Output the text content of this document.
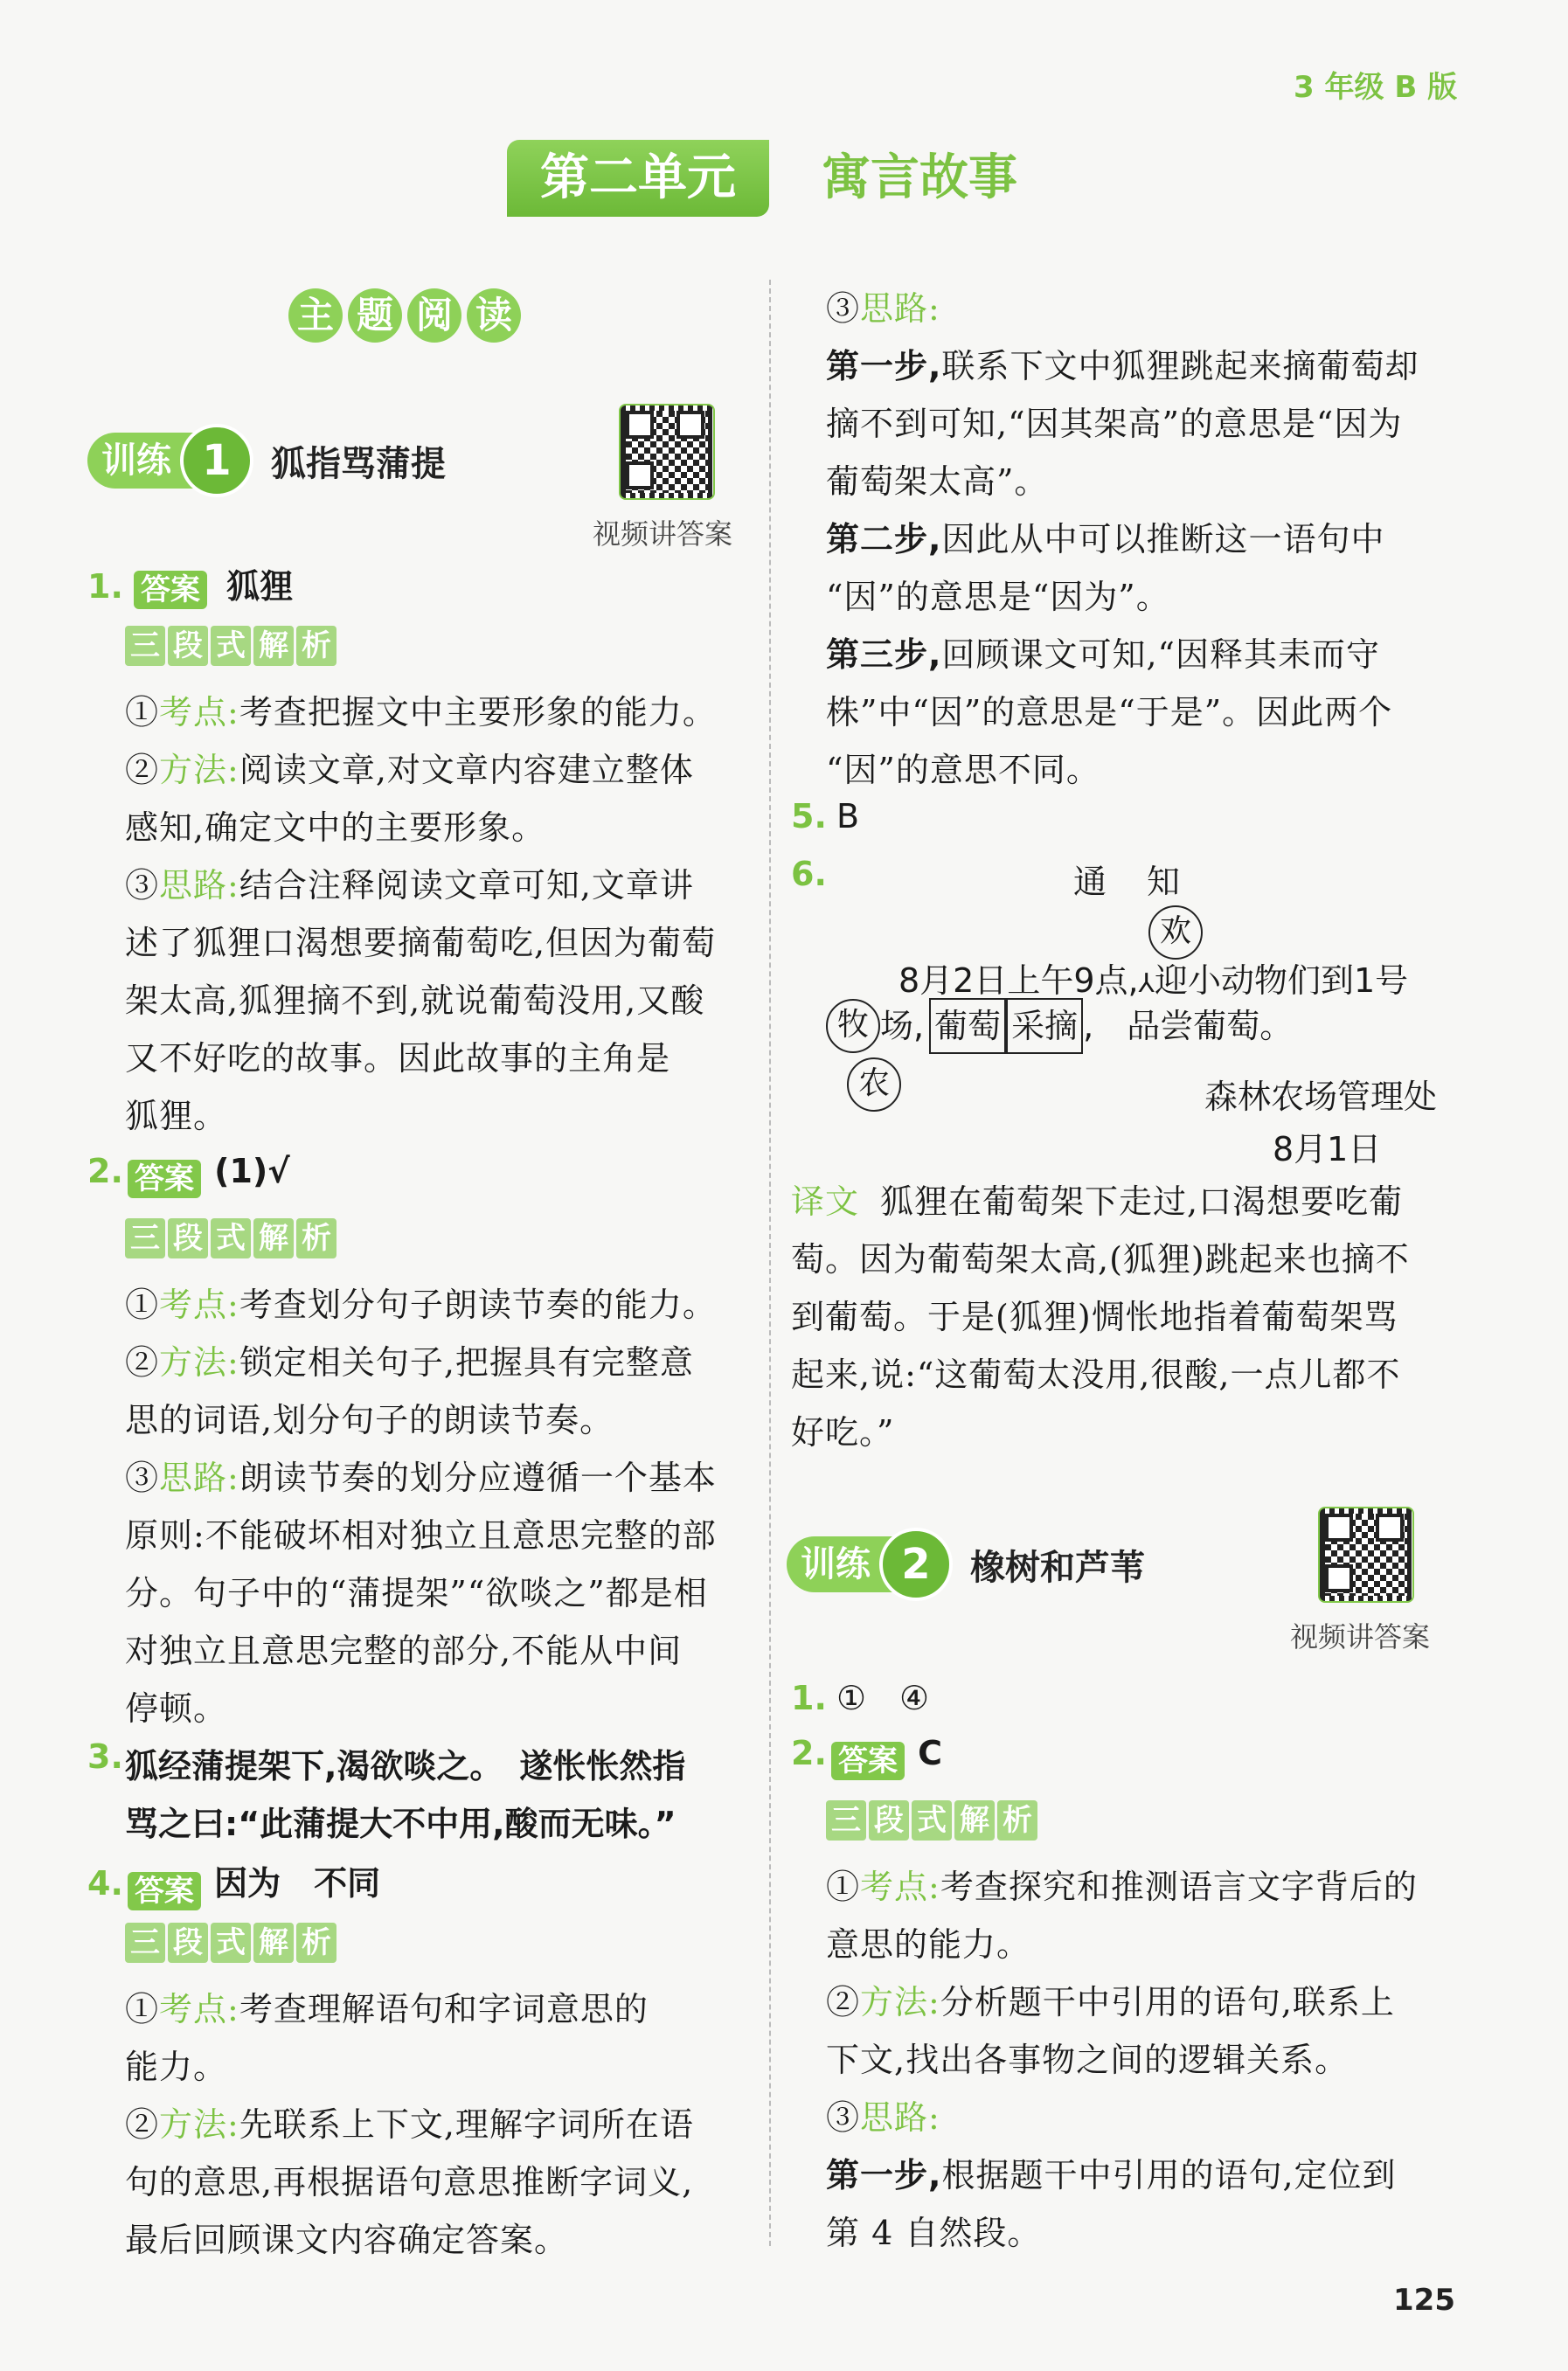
3 年级 B 版
第二单元	寓言故事
主 题 阅 读
训练 1	狐指骂蒲提
视频讲答案
1. 答案 狐狸
三 段 式 解 析
①考点:考查把握文中主要形象的能力。
②方法:阅读文章,对文章内容建立整体
感知,确定文中的主要形象。
③思路:结合注释阅读文章可知,文章讲
述了狐狸口渴想要摘葡萄吃,但因为葡萄
架太高,狐狸摘不到,就说葡萄没用,又酸
又不好吃的故事。因此故事的主角是
狐狸。
2. 答案 (1)√
三 段 式 解 析
①考点:考查划分句子朗读节奏的能力。
②方法:锁定相关句子,把握具有完整意
思的词语,划分句子的朗读节奏。
③思路:朗读节奏的划分应遵循一个基本
原则:不能破坏相对独立且意思完整的部
分。句子中的“蒲提架”“欲啖之”都是相
对独立且意思完整的部分,不能从中间
停顿。
3. 狐经蒲提架下,渴欲啖之。　遂怅怅然指
骂之曰:“此蒲提大不中用,酸而无味。”
4. 答案 因为　不同
三 段 式 解 析
①考点:考查理解语句和字词意思的
能力。
②方法:先联系上下文,理解字词所在语
句的意思,再根据语句意思推断字词义,
最后回顾课文内容确定答案。
③思路:
第一步,联系下文中狐狸跳起来摘葡萄却
摘不到可知,“因其架高”的意思是“因为
葡萄架太高”。
第二步,因此从中可以推断这一语句中
“因”的意思是“因为”。
第三步,回顾课文可知,“因释其耒而守
株”中“因”的意思是“于是”。因此两个
“因”的意思不同。
5. B
6.	通　知
欢
8月2日上午9点,⅄迎小动物们到1号
牧 场, 葡萄 采摘 ,　品尝葡萄。
农	森林农场管理处
8月1日
译文 狐狸在葡萄架下走过,口渴想要吃葡
萄。因为葡萄架太高,(狐狸)跳起来也摘不
到葡萄。于是(狐狸)惆怅地指着葡萄架骂
起来,说:“这葡萄太没用,很酸,一点儿都不
好吃。”
训练 2	橡树和芦苇
视频讲答案
1. ①　④
2. 答案 C
三 段 式 解 析
①考点:考查探究和推测语言文字背后的
意思的能力。
②方法:分析题干中引用的语句,联系上
下文,找出各事物之间的逻辑关系。
③思路:
第一步,根据题干中引用的语句,定位到
第 4 自然段。
125
